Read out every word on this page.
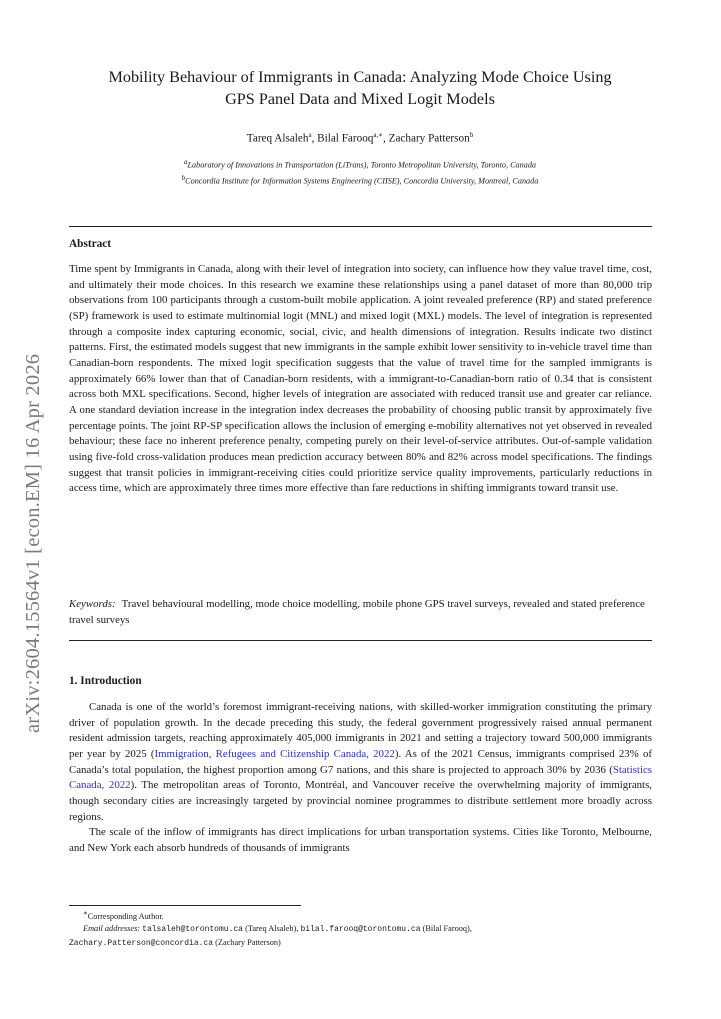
arXiv:2604.15564v1 [econ.EM] 16 Apr 2026
Mobility Behaviour of Immigrants in Canada: Analyzing Mode Choice Using
GPS Panel Data and Mixed Logit Models
Tareq Alsaleh$^a$, Bilal Farooq$^{a,∗}$, Zachary Patterson$^b$
$^a$Laboratory of Innovations in Transportation (LiTrans), Toronto Metropolitan University, Toronto, Canada
$^b$Concordia Institute for Information Systems Engineering (CIISE), Concordia University, Montreal, Canada
Abstract
Time spent by Immigrants in Canada, along with their level of integration into society, can influence how they value travel time, cost, and ultimately their mode choices. In this research we examine these relationships using a panel dataset of more than 80,000 trip observations from 100 participants through a custom-built mobile application. A joint revealed preference (RP) and stated preference (SP) framework is used to estimate multinomial logit (MNL) and mixed logit (MXL) models. The level of integration is represented through a composite index capturing economic, social, civic, and health dimensions of integration. Results indicate two distinct patterns. First, the estimated models suggest that new immigrants in the sample exhibit lower sensitivity to in-vehicle travel time than Canadian-born respondents. The mixed logit specification suggests that the value of travel time for the sampled immigrants is approximately 66% lower than that of Canadian-born residents, with a immigrant-to-Canadian-born ratio of 0.34 that is consistent across both MXL specifications. Second, higher levels of integration are associated with reduced transit use and greater car reliance. A one standard deviation increase in the integration index decreases the probability of choosing public transit by approximately five percentage points. The joint RP-SP specification allows the inclusion of emerging e-mobility alternatives not yet observed in revealed behaviour; these face no inherent preference penalty, competing purely on their level-of-service attributes. Out-of-sample validation using five-fold cross-validation produces mean prediction accuracy between 80% and 82% across model specifications. The findings suggest that transit policies in immigrant-receiving cities could prioritize service quality improvements, particularly reductions in access time, which are approximately three times more effective than fare reductions in shifting immigrants toward transit use.
Keywords: Travel behavioural modelling, mode choice modelling, mobile phone GPS travel surveys, revealed and stated preference travel surveys
1. Introduction

Canada is one of the world’s foremost immigrant-receiving nations, with skilled-worker immigration constituting the primary driver of population growth. In the decade preceding this study, the federal government progressively raised annual permanent resident admission targets, reaching approximately 405,000 immigrants in 2021 and setting a trajectory toward 500,000 immigrants per year by 2025 (Immigration, Refugees and Citizenship Canada, 2022). As of the 2021 Census, immigrants comprised 23% of Canada’s total population, the highest proportion among G7 nations, and this share is projected to approach 30% by 2036 (Statistics Canada, 2022). The metropolitan areas of Toronto, Montréal, and Vancouver receive the overwhelming majority of immigrants, though secondary cities are increasingly targeted by provincial nominee programmes to distribute settlement more broadly across regions.

The scale of the inflow of immigrants has direct implications for urban transportation systems. Cities like Toronto, Melbourne, and New York each absorb hundreds of thousands of immigrants

∗Corresponding Author.
Email addresses: talsaleh@torontomu.ca (Tareq Alsaleh), bilal.farooq@torontomu.ca (Bilal Farooq),
Zachary.Patterson@concordia.ca (Zachary Patterson)
